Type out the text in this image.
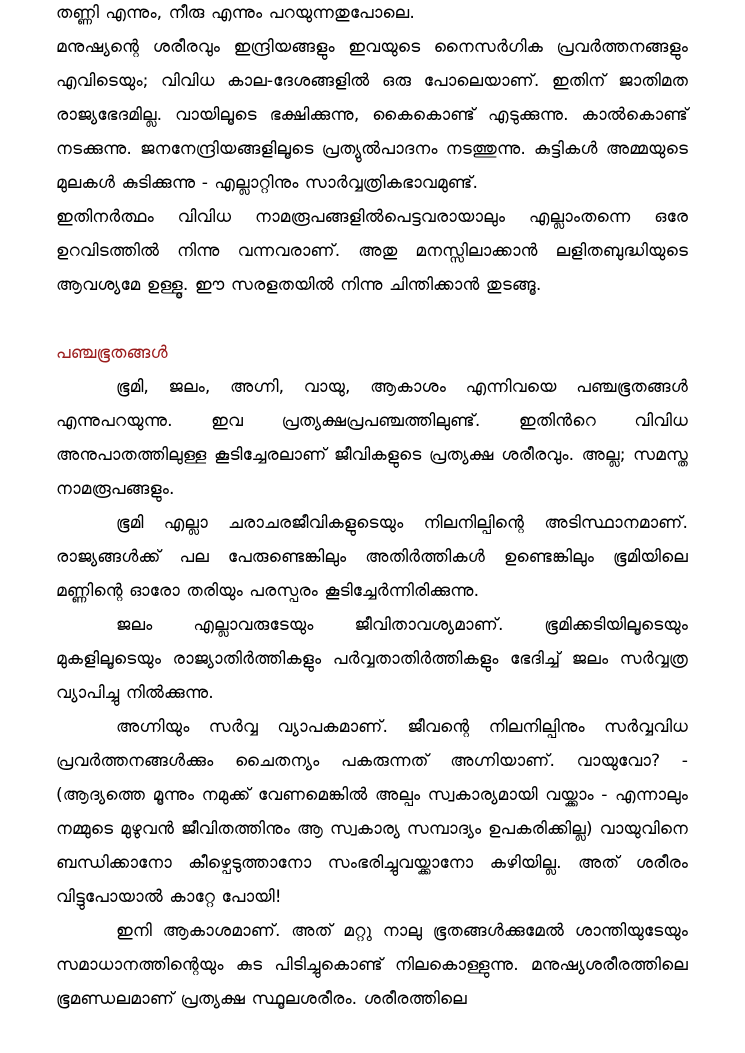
തണ്ണി എന്നും, നീരു എന്നും പറയുന്നതുപോലെ.

മനുഷ്യന്റെ ശരീരവും ഇന്ദ്രിയങ്ങളും ഇവയുടെ നൈസർഗിക പ്രവർത്തനങ്ങളും എവിടെയും; വിവിധ കാല-ദേശങ്ങളിൽ ഒരു പോലെയാണ്. ഇതിന് ജാതിമത രാജ്യഭേദമില്ല. വായിലൂടെ ഭക്ഷിക്കുന്നു, കൈകൊണ്ട് എടുക്കുന്നു. കാൽകൊണ്ട് നടക്കുന്നു. ജനനേന്ദ്രിയങ്ങളിലൂടെ പ്രത്യുൽപാദനം നടത്തുന്നു. കുട്ടികൾ അമ്മയുടെ മുലകൾ കുടിക്കുന്നു - എല്ലാറ്റിനും സാർവ്വത്രികഭാവമുണ്ട്.

ഇതിനർത്ഥം വിവിധ നാമരൂപങ്ങളിൽപെട്ടവരായാലും എല്ലാംതന്നെ ഒരേ ഉറവിടത്തിൽ നിന്നു വന്നവരാണ്. അതു മനസ്സിലാക്കാൻ ലളിതബുദ്ധിയുടെ ആവശ്യമേ ഉള്ളൂ. ഈ സരളതയിൽ നിന്നു ചിന്തിക്കാൻ തുടങ്ങൂ.

പഞ്ചഭൂതങ്ങൾ

ഭൂമി, ജലം, അഗ്നി, വായു, ആകാശം എന്നിവയെ പഞ്ചഭൂതങ്ങൾ എന്നുപറയുന്നു. ഇവ പ്രത്യക്ഷപ്രപഞ്ചത്തിലുണ്ട്. ഇതിൻറെ വിവിധ അനുപാതത്തിലുള്ള കൂടിച്ചേരലാണ് ജീവികളുടെ പ്രത്യക്ഷ ശരീരവും. അല്ല; സമസ്ത നാമരൂപങ്ങളും.

ഭൂമി എല്ലാ ചരാചരജീവികളുടെയും നിലനില്പിന്റെ അടിസ്ഥാനമാണ്. രാജ്യങ്ങൾക്ക് പല പേരുണ്ടെങ്കിലും അതിർത്തികൾ ഉണ്ടെങ്കിലും ഭൂമിയിലെ മണ്ണിന്റെ ഓരോ തരിയും പരസ്പരം കൂടിച്ചേർന്നിരിക്കുന്നു.

ജലം എല്ലാവരുടേയും ജീവിതാവശ്യമാണ്. ഭൂമിക്കടിയിലൂടെയും മുകളിലൂടെയും രാജ്യാതിർത്തികളും പർവ്വതാതിർത്തികളും ഭേദിച്ച് ജലം സർവ്വത്ര വ്യാപിച്ചു നിൽക്കുന്നു.

അഗ്നിയും സർവ്വ വ്യാപകമാണ്. ജീവന്റെ നിലനില്പിനും സർവ്വവിധ പ്രവർത്തനങ്ങൾക്കും ചൈതന്യം പകരുന്നത് അഗ്നിയാണ്. വായുവോ? - (ആദ്യത്തെ മൂന്നും നമുക്ക് വേണമെങ്കിൽ അല്പം സ്വകാര്യമായി വയ്ക്കാം - എന്നാലും നമ്മുടെ മുഴുവൻ ജീവിതത്തിനും ആ സ്വകാര്യ സമ്പാദ്യം ഉപകരിക്കില്ല) വായുവിനെ ബന്ധിക്കാനോ കീഴ്പെടുത്താനോ സംഭരിച്ചുവയ്ക്കാനോ കഴിയില്ല. അത് ശരീരം വിട്ടുപോയാൽ കാറ്റേ പോയി!

ഇനി ആകാശമാണ്. അത് മറ്റു നാലു ഭൂതങ്ങൾക്കുമേൽ ശാന്തിയുടേയും സമാധാനത്തിന്റെയും കുട പിടിച്ചുകൊണ്ട് നിലകൊള്ളുന്നു. മനുഷ്യശരീരത്തിലെ ഭൂമണ്ഡലമാണ് പ്രത്യക്ഷ സ്ഥൂലശരീരം. ശരീരത്തിലെ
